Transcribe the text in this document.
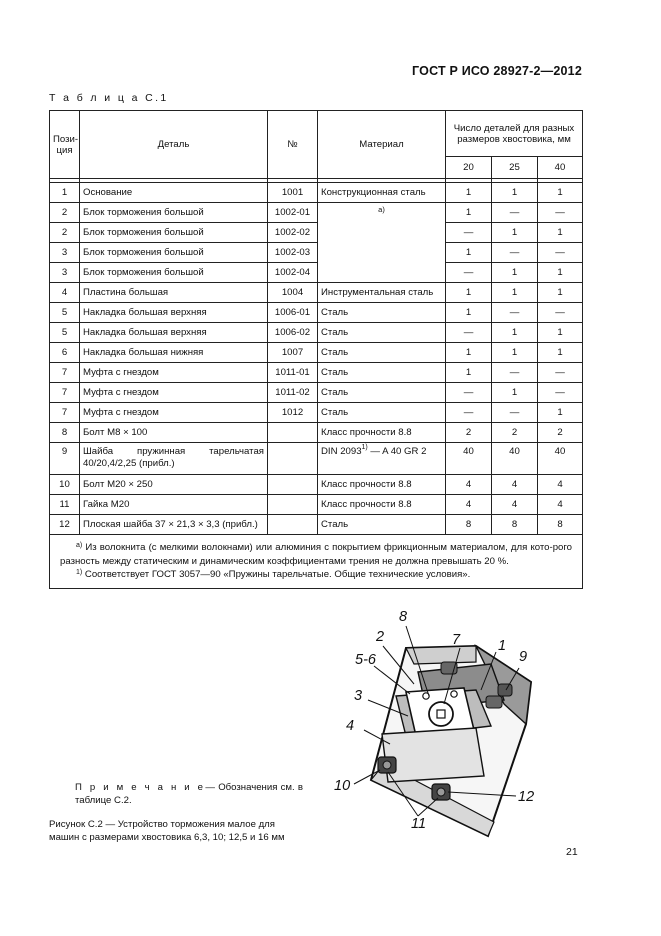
ГОСТ Р ИСО 28927-2—2012
Т а б л и ц а С.1
Пози-
ция	Деталь	№	Материал	Число деталей для разных размеров хвостовика, мм		
				20	25	40

1	Основание	1001	Конструкционная сталь	1	1	1
2	Блок торможения большой	1002-01	а)	1	—	—
2	Блок торможения большой	1002-02		—	1	1
3	Блок торможения большой	1002-03		1	—	—
3	Блок торможения большой	1002-04		—	1	1
4	Пластина большая	1004	Инструментальная сталь	1	1	1
5	Накладка большая верхняя	1006-01	Сталь	1	—	—
5	Накладка большая верхняя	1006-02	Сталь	—	1	1
6	Накладка большая нижняя	1007	Сталь	1	1	1
7	Муфта с гнездом	1011-01	Сталь	1	—	—
7	Муфта с гнездом	1011-02	Сталь	—	1	—
7	Муфта с гнездом	1012	Сталь	—	—	1
8	Болт М8 × 100		Класс прочности 8.8	2	2	2
9	Шайба пружинная тарельчатая 40/20,4/2,25 (прибл.)		DIN 2093$^{1)}$ — A 40 GR 2	40	40	40
10	Болт М20 × 250		Класс прочности 8.8	4	4	4
11	Гайка М20		Класс прочности 8.8	4	4	4
12	Плоская шайба 37 × 21,3 × 3,3 (прибл.)		Сталь	8	8	8

$^{а)}$ Из волокнита (с мелкими волокнами) или алюминия с покрытием фрикционным материалом, для кото-рого разность между статическим и динамическим коэффициентами трения не должна превышать 20 %.
$^{1)}$ Соответствует ГОСТ 3057—90 «Пружины тарельчатые. Общие технические условия».						
П р и м е ч а н и е— Обозначения см. в таблице С.2.
Рисунок С.2 — Устройство торможения малое для машин с размерами хвостовика 6,3, 10; 12,5 и 16 мм
8
2	7	1
9
5-6
3
4
10
12
11
21
